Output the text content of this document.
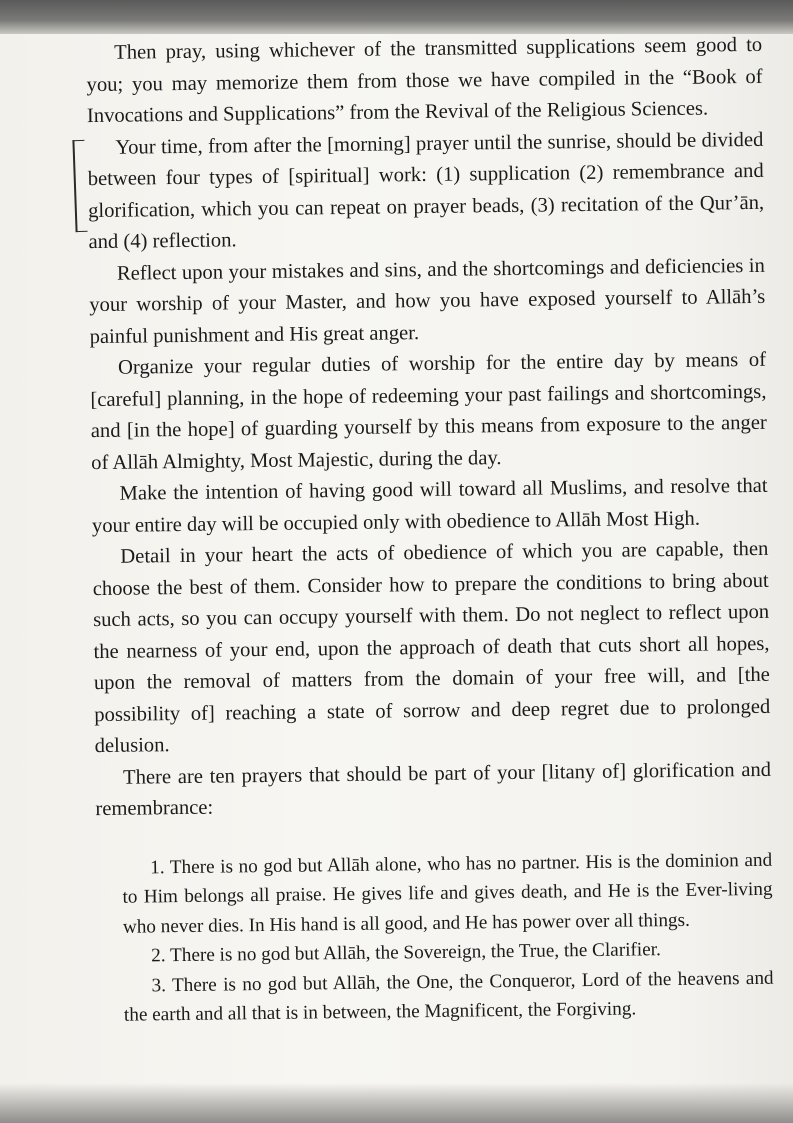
Then pray, using whichever of the transmitted supplications seem good to you; you may memorize them from those we have compiled in the “Book of Invocations and Supplications” from the Revival of the Religious Sciences.

Your time, from after the [morning] prayer until the sunrise, should be divided between four types of [spiritual] work: (1) supplication (2) remembrance and glorification, which you can repeat on prayer beads, (3) recitation of the Qur’ān, and (4) reflection.

Reflect upon your mistakes and sins, and the shortcomings and deficiencies in your worship of your Master, and how you have exposed yourself to Allāh’s painful punishment and His great anger.

Organize your regular duties of worship for the entire day by means of [careful] planning, in the hope of redeeming your past failings and shortcomings, and [in the hope] of guarding yourself by this means from exposure to the anger of Allāh Almighty, Most Majestic, during the day.

Make the intention of having good will toward all Muslims, and resolve that your entire day will be occupied only with obedience to Allāh Most High.

Detail in your heart the acts of obedience of which you are capable, then choose the best of them. Consider how to prepare the conditions to bring about such acts, so you can occupy yourself with them. Do not neglect to reflect upon the nearness of your end, upon the approach of death that cuts short all hopes, upon the removal of matters from the domain of your free will, and [the possibility of] reaching a state of sorrow and deep regret due to prolonged delusion.

There are ten prayers that should be part of your [litany of] glorification and remembrance:

1. There is no god but Allāh alone, who has no partner. His is the dominion and to Him belongs all praise. He gives life and gives death, and He is the Ever-living who never dies. In His hand is all good, and He has power over all things.

2. There is no god but Allāh, the Sovereign, the True, the Clarifier.

3. There is no god but Allāh, the One, the Conqueror, Lord of the heavens and the earth and all that is in between, the Magnificent, the Forgiving.
